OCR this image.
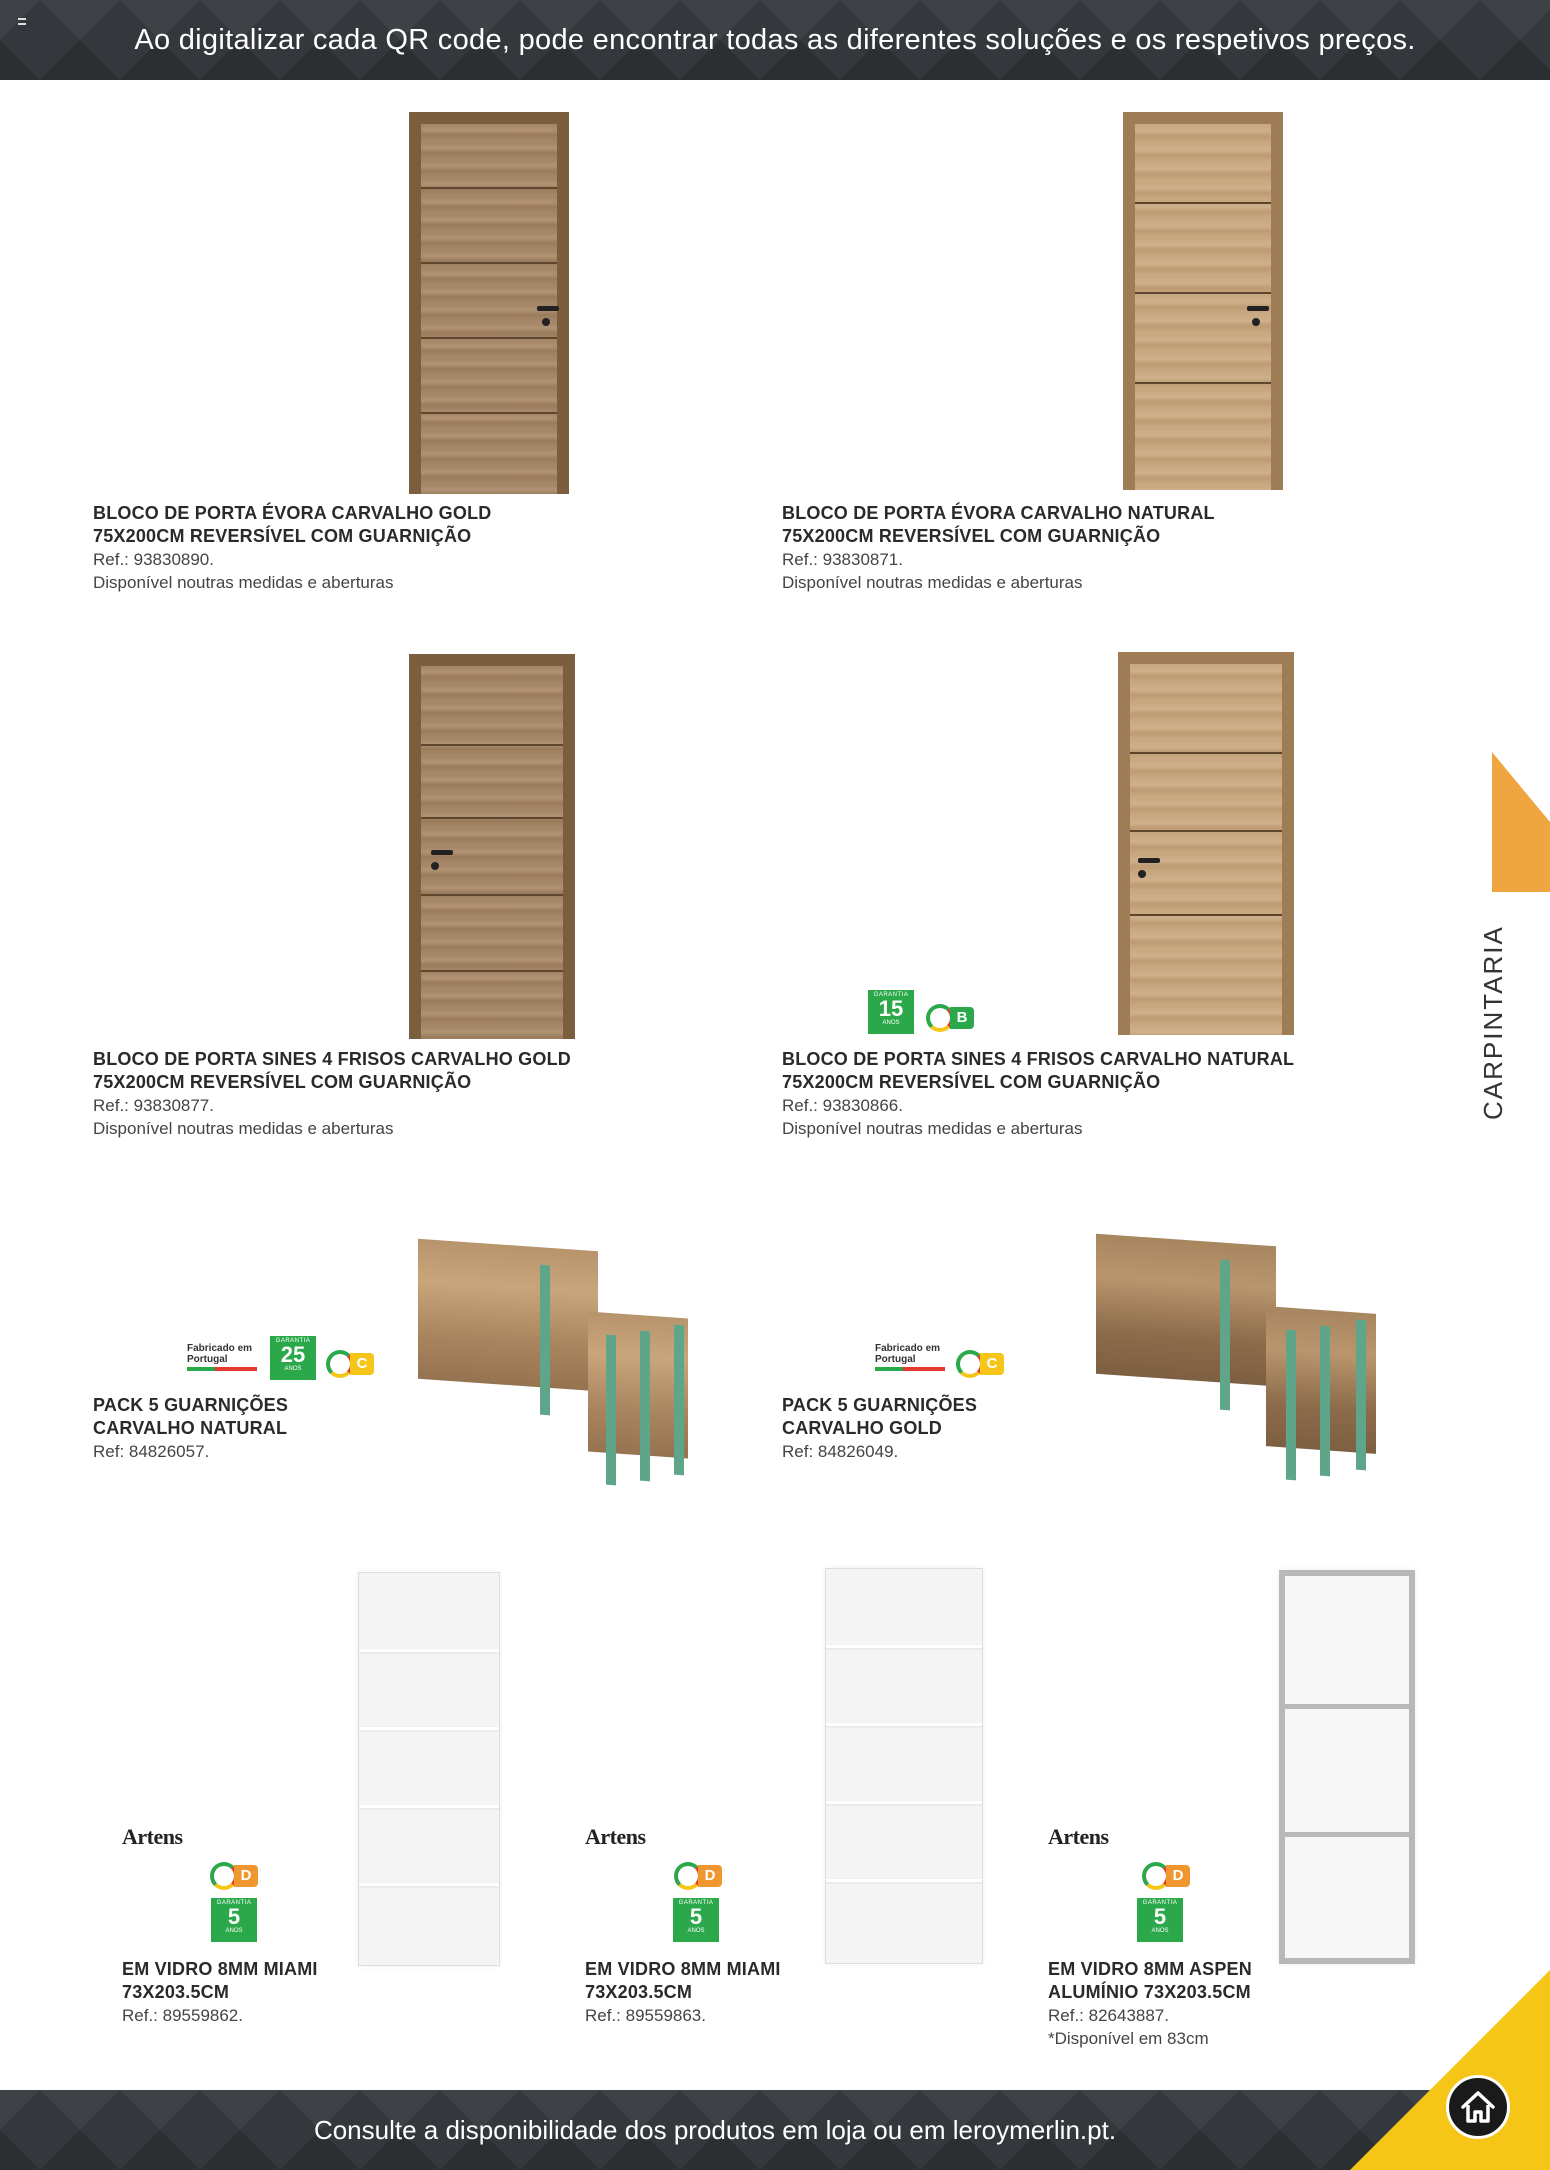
Ao digitalizar cada QR code, pode encontrar todas as diferentes soluções e os respetivos preços.
CARPINTARIA
BLOCO DE PORTA ÉVORA CARVALHO GOLD
75X200CM REVERSÍVEL COM GUARNIÇÃO
Ref.: 93830890.
Disponível noutras medidas e aberturas
BLOCO DE PORTA ÉVORA CARVALHO NATURAL
75X200CM REVERSÍVEL COM GUARNIÇÃO
Ref.: 93830871.
Disponível noutras medidas e aberturas
BLOCO DE PORTA SINES 4 FRISOS CARVALHO GOLD
75X200CM REVERSÍVEL COM GUARNIÇÃO
Ref.: 93830877.
Disponível noutras medidas e aberturas
GARANTIA
15
ANOS	B
BLOCO DE PORTA SINES 4 FRISOS CARVALHO NATURAL
75X200CM REVERSÍVEL COM GUARNIÇÃO
Ref.: 93830866.
Disponível noutras medidas e aberturas
Fabricado em Portugal
GARANTIA
25
ANOS	C
PACK 5 GUARNIÇÕES
CARVALHO NATURAL
Ref: 84826057.
Fabricado em Portugal	C
PACK 5 GUARNIÇÕES
CARVALHO GOLD
Ref: 84826049.
Artens
D
GARANTIA
5
ANOS
EM VIDRO 8MM MIAMI
73X203.5CM
Ref.: 89559862.
Artens
D
GARANTIA
5
ANOS
EM VIDRO 8MM MIAMI
73X203.5CM
Ref.: 89559863.
Artens
D
GARANTIA
5
ANOS
EM VIDRO 8MM ASPEN
ALUMÍNIO 73X203.5CM
Ref.: 82643887.
*Disponível em 83cm
Consulte a disponibilidade dos produtos em loja ou em leroymerlin.pt.
